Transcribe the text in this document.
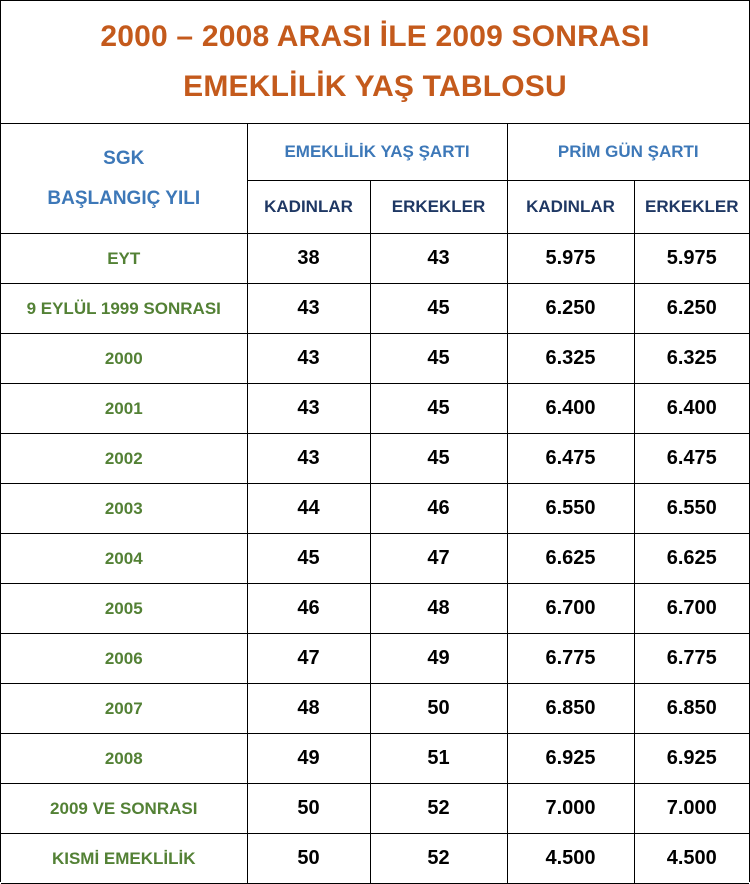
2000 – 2008 ARASI İLE 2009 SONRASI
EMEKLİLİK YAŞ TABLOSU
SGK
BAŞLANGIÇ YILI	EMEKLİLİK YAŞ ŞARTI		PRİM GÜN ŞARTI	
	KADINLAR	ERKEKLER	KADINLAR	ERKEKLER
EYT	38	43	5.975	5.975
9 EYLÜL 1999 SONRASI	43	45	6.250	6.250
2000	43	45	6.325	6.325
2001	43	45	6.400	6.400
2002	43	45	6.475	6.475
2003	44	46	6.550	6.550
2004	45	47	6.625	6.625
2005	46	48	6.700	6.700
2006	47	49	6.775	6.775
2007	48	50	6.850	6.850
2008	49	51	6.925	6.925
2009 VE SONRASI	50	52	7.000	7.000
KISMİ EMEKLİLİK	50	52	4.500	4.500
